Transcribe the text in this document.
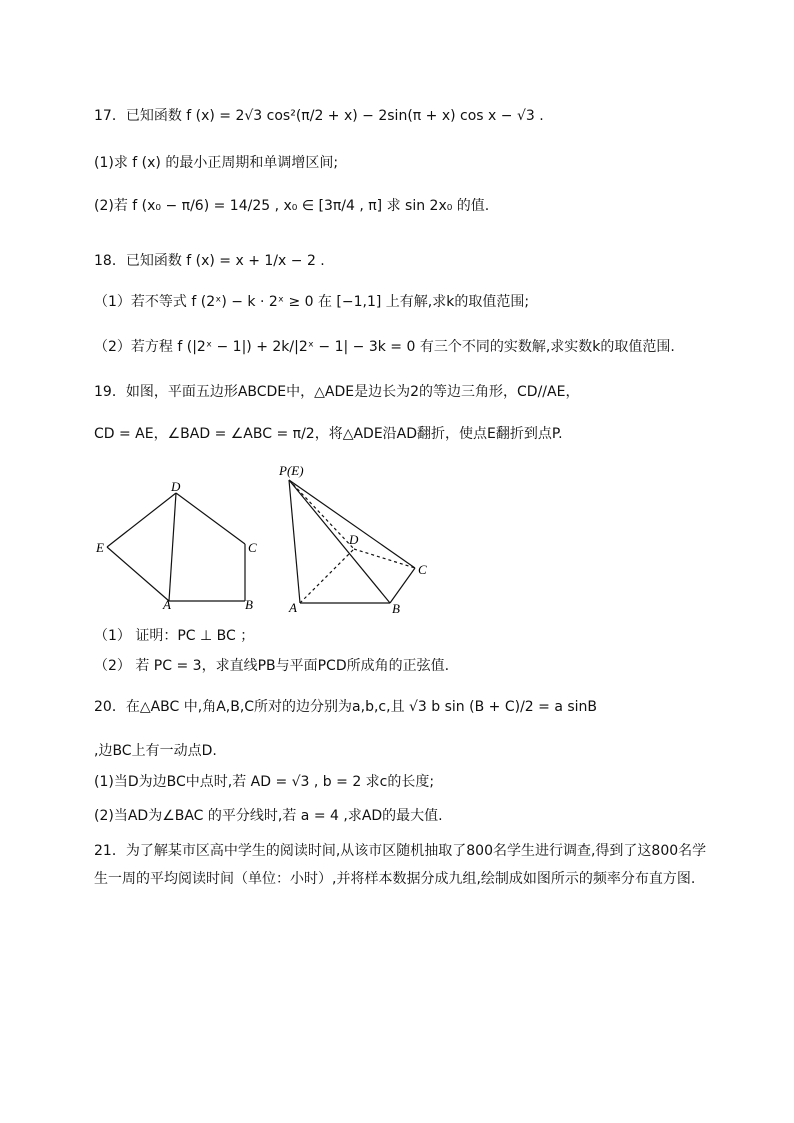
17．已知函数 f (x) = 2√3 cos²(π/2 + x) − 2sin(π + x) cos x − √3 .
(1)求 f (x) 的最小正周期和单调增区间;
(2)若 f (x₀ − π/6) = 14/25 , x₀ ∈ [3π/4 , π] 求 sin 2x₀ 的值.
18．已知函数 f (x) = x + 1/x − 2 .
（1）若不等式 f (2ˣ) − k · 2ˣ ≥ 0 在 [−1,1] 上有解,求k的取值范围;
（2）若方程 f (|2ˣ − 1|) + 2k/|2ˣ − 1| − 3k = 0 有三个不同的实数解,求实数k的取值范围.
19．如图，平面五边形ABCDE中，△ADE是边长为2的等边三角形，CD//AE，
CD = AE，∠BAD = ∠ABC = π/2，将△ADE沿AD翻折，使点E翻折到点P.
D
E	C
A	B
P(E)
D
C
A	B
（1） 证明：PC ⊥ BC ；
（2） 若 PC = 3，求直线PB与平面PCD所成角的正弦值.
20．在△ABC 中,角A,B,C所对的边分别为a,b,c,且 √3 b sin (B + C)/2 = a sinB
,边BC上有一动点D.
(1)当D为边BC中点时,若 AD = √3 , b = 2 求c的长度;
(2)当AD为∠BAC 的平分线时,若 a = 4 ,求AD的最大值.
21．为了解某市区高中学生的阅读时间,从该市区随机抽取了800名学生进行调查,得到了这800名学生一周的平均阅读时间（单位：小时）,并将样本数据分成九组,绘制成如图所示的频率分布直方图.
